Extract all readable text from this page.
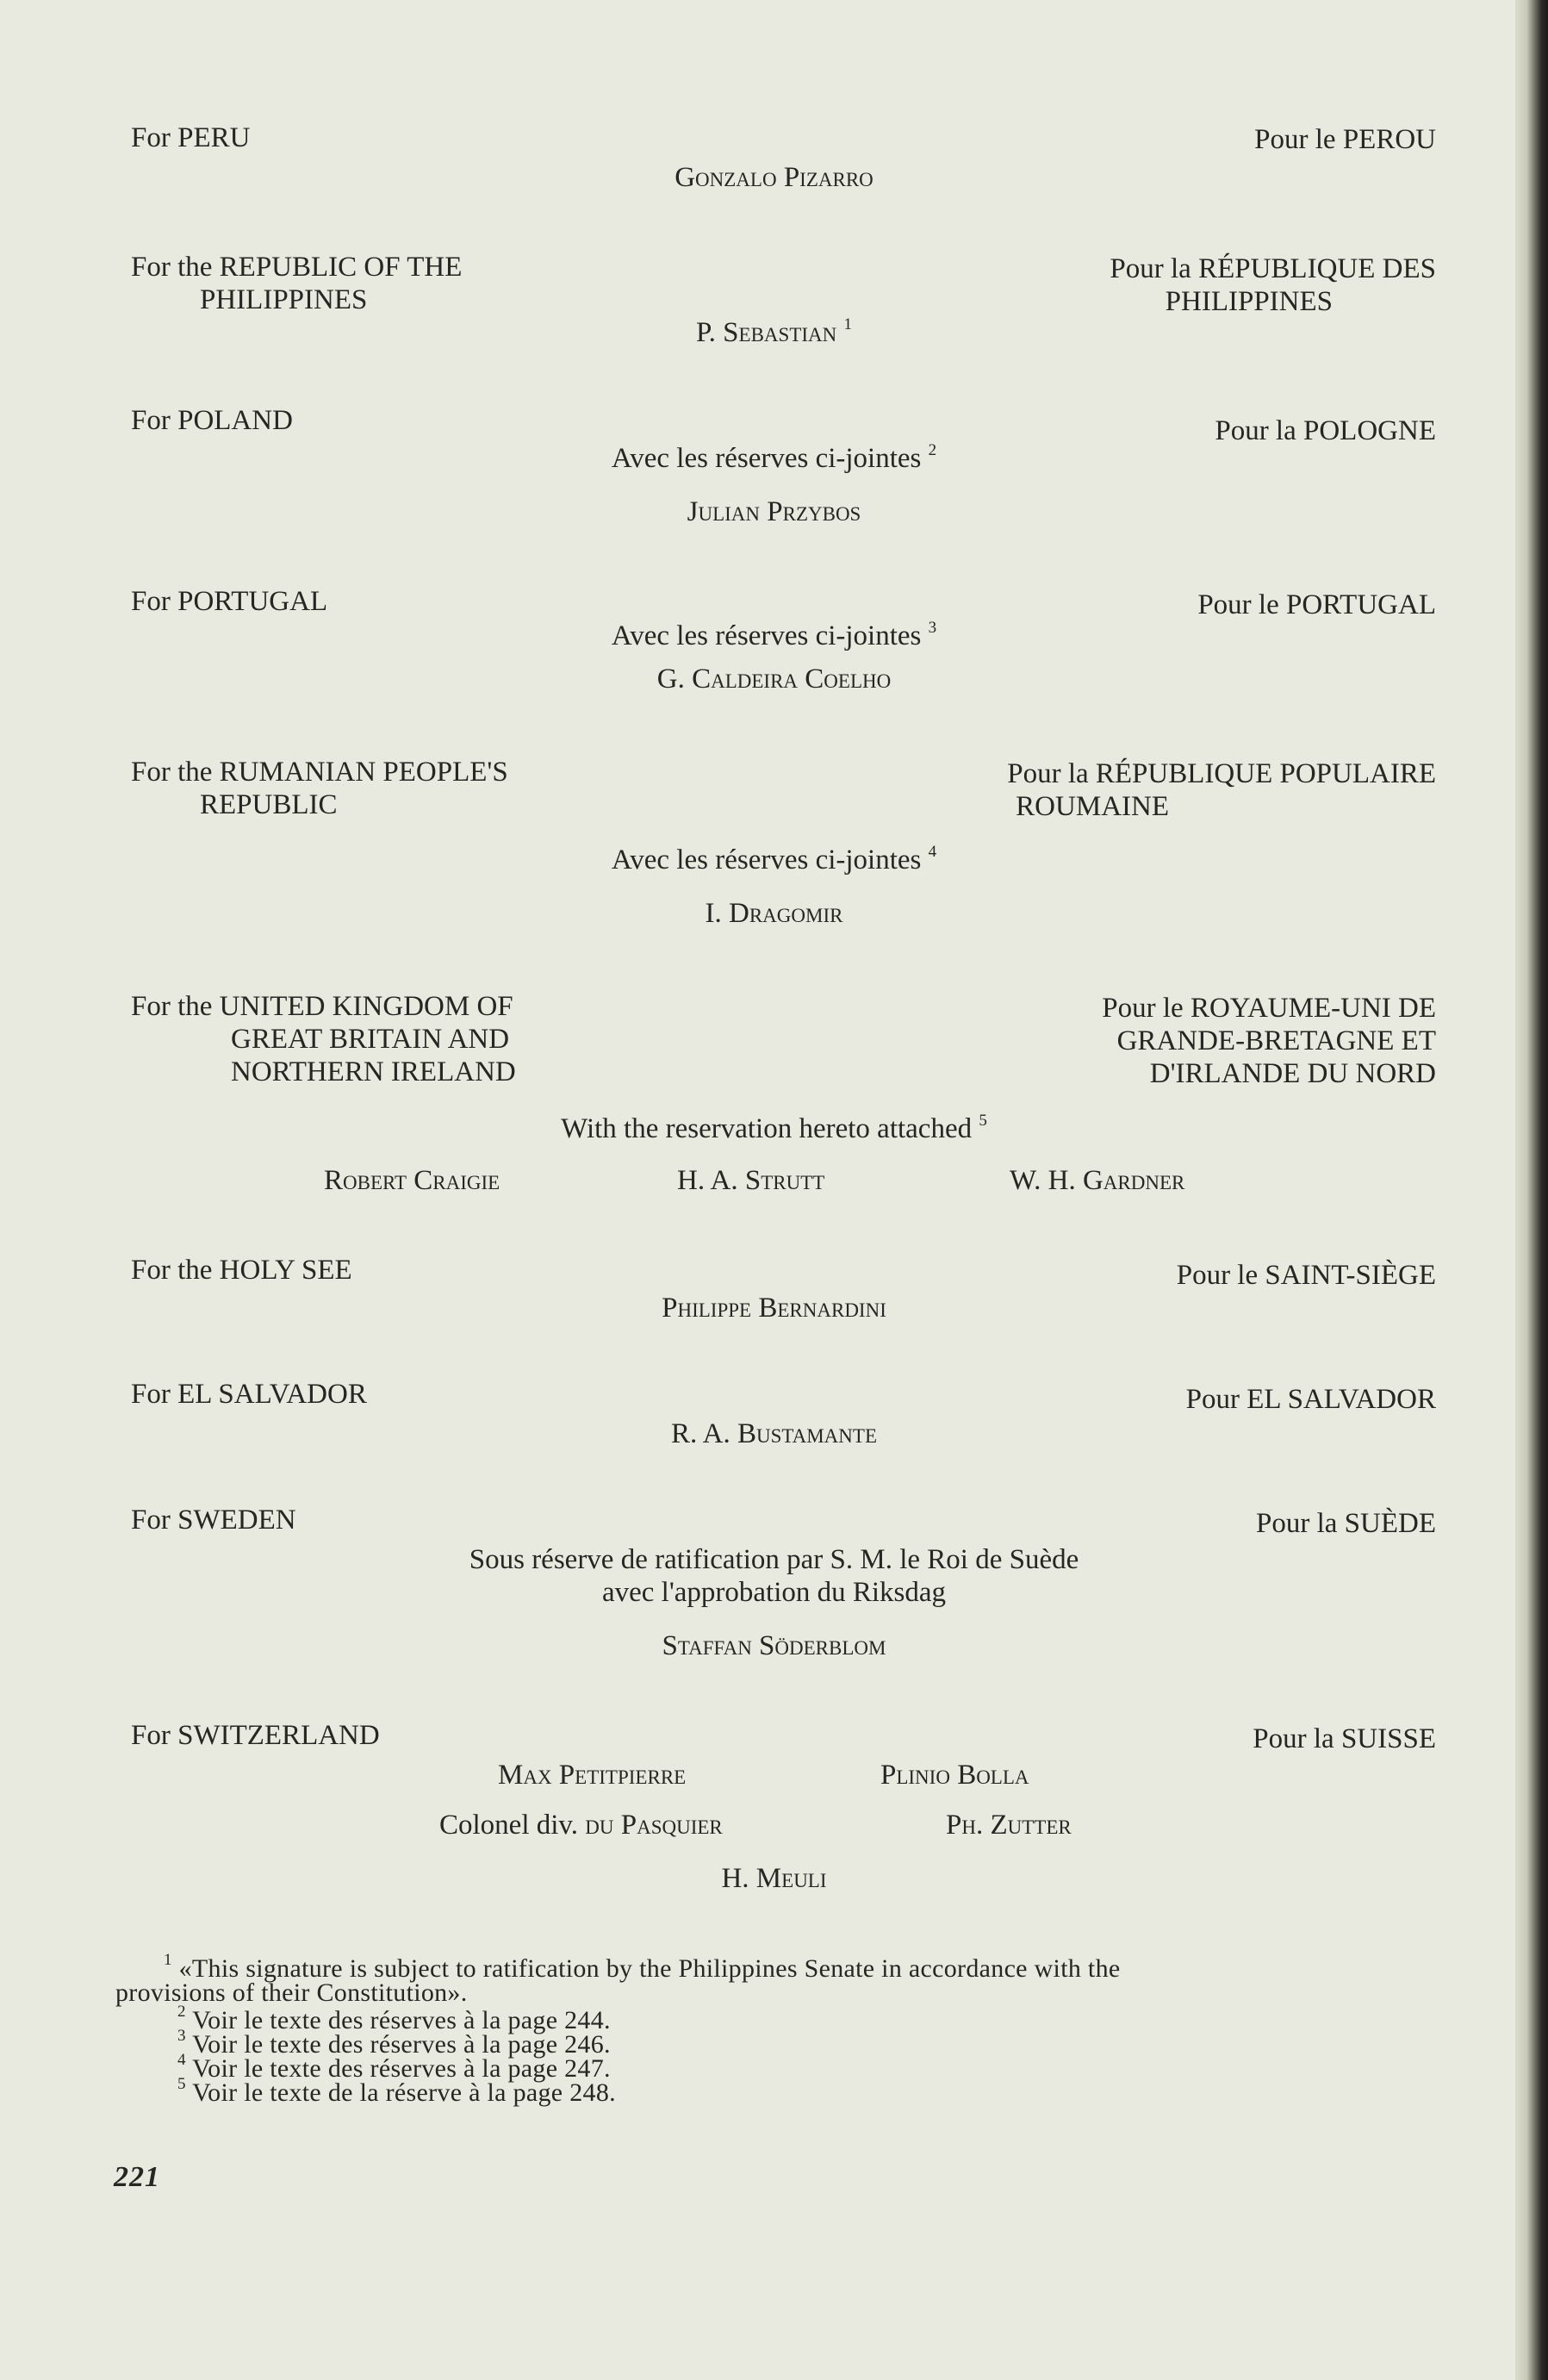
For PERU	Pour le PEROU
Gonzalo Pizarro
For the REPUBLIC OF THE
PHILIPPINES
Pour la RÉPUBLIQUE DES
PHILIPPINES
P. Sebastian $^1$
For POLAND	Pour la POLOGNE
Avec les réserves ci-jointes $^2$
Julian Przybos
For PORTUGAL	Pour le PORTUGAL
Avec les réserves ci-jointes $^3$
G. Caldeira Coelho
For the RUMANIAN PEOPLE'S
REPUBLIC
Pour la RÉPUBLIQUE POPULAIRE
ROUMAINE
Avec les réserves ci-jointes $^4$
I. Dragomir
For the UNITED KINGDOM OF
GREAT BRITAIN AND
NORTHERN IRELAND
Pour le ROYAUME-UNI DE
GRANDE-BRETAGNE ET
D'IRLANDE DU NORD
With the reservation hereto attached $^5$
Robert Craigie	H. A. Strutt	W. H. Gardner
For the HOLY SEE	Pour le SAINT-SIÈGE
Philippe Bernardini
For EL SALVADOR	Pour EL SALVADOR
R. A. Bustamante
For SWEDEN	Pour la SUÈDE
Sous réserve de ratification par S. M. le Roi de Suède
avec l'approbation du Riksdag
Staffan Söderblom
For SWITZERLAND	Pour la SUISSE
Max Petitpierre	Plinio Bolla
Colonel div. du Pasquier	Ph. Zutter
H. Meuli
$^1$ «This signature is subject to ratification by the Philippines Senate in accordance with the
provisions of their Constitution».
$^2$ Voir le texte des réserves à la page 244.
$^3$ Voir le texte des réserves à la page 246.
$^4$ Voir le texte des réserves à la page 247.
$^5$ Voir le texte de la réserve à la page 248.
221
